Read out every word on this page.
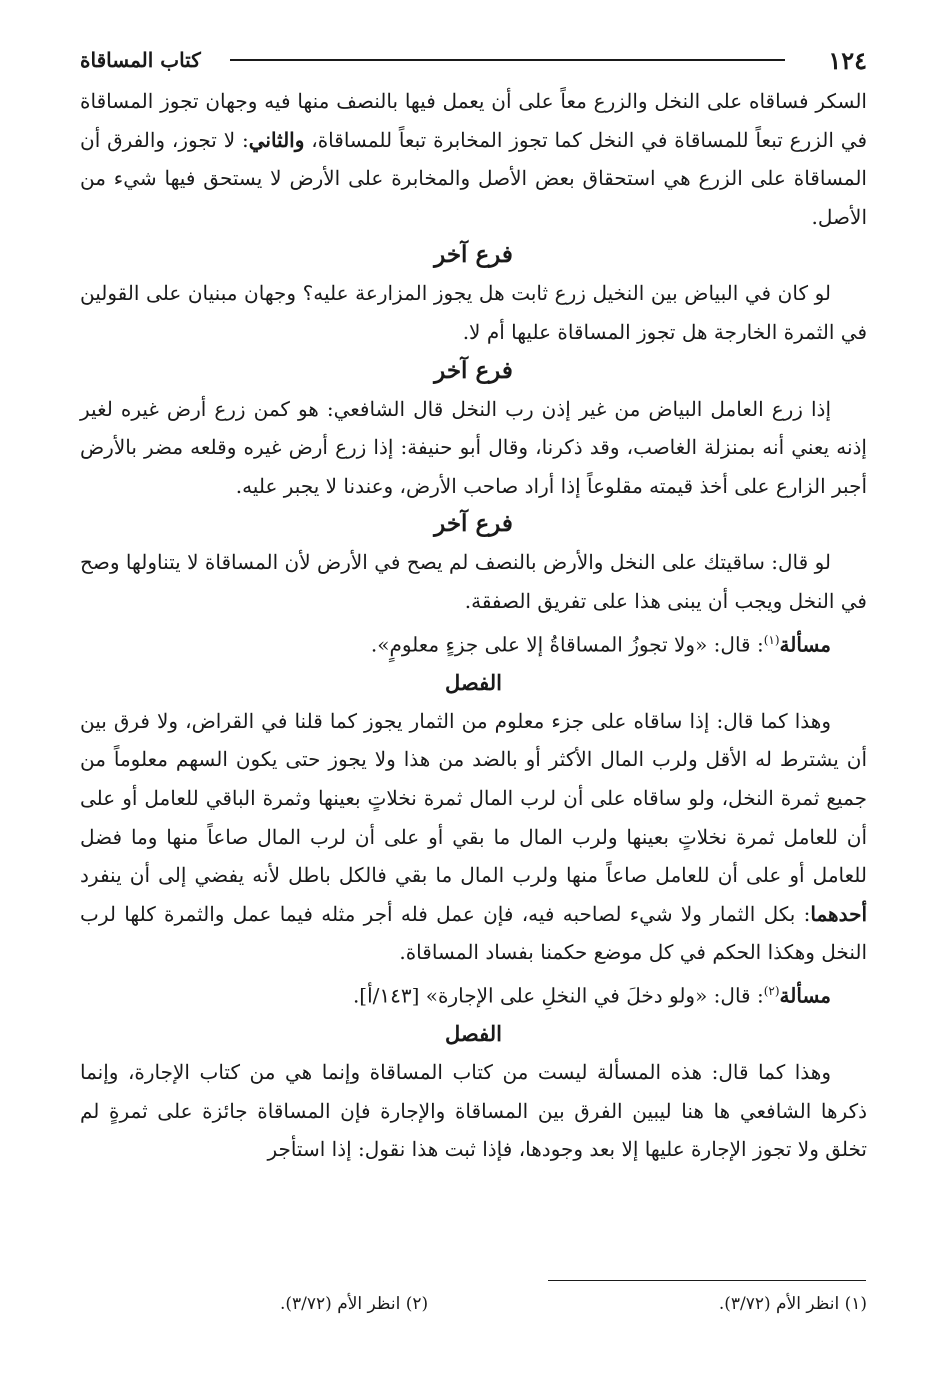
١٢٤
كتاب المساقاة

السكر فساقاه على النخل والزرع معاً على أن يعمل فيها بالنصف منها فيه وجهان تجوز المساقاة في الزرع تبعاً للمساقاة في النخل كما تجوز المخابرة تبعاً للمساقاة، والثاني: لا تجوز، والفرق أن المساقاة على الزرع هي استحقاق بعض الأصل والمخابرة على الأرض لا يستحق فيها شيء من الأصل.

فرع آخر

لو كان في البياض بين النخيل زرع ثابت هل يجوز المزارعة عليه؟ وجهان مبنيان على القولين في الثمرة الخارجة هل تجوز المساقاة عليها أم لا.

فرع آخر

إذا زرع العامل البياض من غير إذن رب النخل قال الشافعي: هو كمن زرع أرض غيره لغير إذنه يعني أنه بمنزلة الغاصب، وقد ذكرنا، وقال أبو حنيفة: إذا زرع أرض غيره وقلعه مضر بالأرض أجبر الزارع على أخذ قيمته مقلوعاً إذا أراد صاحب الأرض، وعندنا لا يجبر عليه.

فرع آخر

لو قال: ساقيتك على النخل والأرض بالنصف لم يصح في الأرض لأن المساقاة لا يتناولها وصح في النخل ويجب أن يبنى هذا على تفريق الصفقة.

مسألة$^{(١)}$: قال: «ولا تجوزُ المساقاةُ إلا على جزءٍ معلومٍ».

الفصل

وهذا كما قال: إذا ساقاه على جزء معلوم من الثمار يجوز كما قلنا في القراض، ولا فرق بين أن يشترط له الأقل ولرب المال الأكثر أو بالضد من هذا ولا يجوز حتى يكون السهم معلوماً من جميع ثمرة النخل، ولو ساقاه على أن لرب المال ثمرة نخلاتٍ بعينها وثمرة الباقي للعامل أو على أن للعامل ثمرة نخلاتٍ بعينها ولرب المال ما بقي أو على أن لرب المال صاعاً منها وما فضل للعامل أو على أن للعامل صاعاً منها ولرب المال ما بقي فالكل باطل لأنه يفضي إلى أن ينفرد أحدهما: بكل الثمار ولا شيء لصاحبه فيه، فإن عمل فله أجر مثله فيما عمل والثمرة كلها لرب النخل وهكذا الحكم في كل موضع حكمنا بفساد المساقاة.

مسألة$^{(٢)}$: قال: «ولو دخلَ في النخلِ على الإجارة» [١٤٣/أ].

الفصل

وهذا كما قال: هذه المسألة ليست من كتاب المساقاة وإنما هي من كتاب الإجارة، وإنما ذكرها الشافعي ها هنا ليبين الفرق بين المساقاة والإجارة فإن المساقاة جائزة على ثمرةٍ لم تخلق ولا تجوز الإجارة عليها إلا بعد وجودها، فإذا ثبت هذا نقول: إذا استأجر

(١) انظر الأم (٣/٧٢).
(٢) انظر الأم (٣/٧٢).
